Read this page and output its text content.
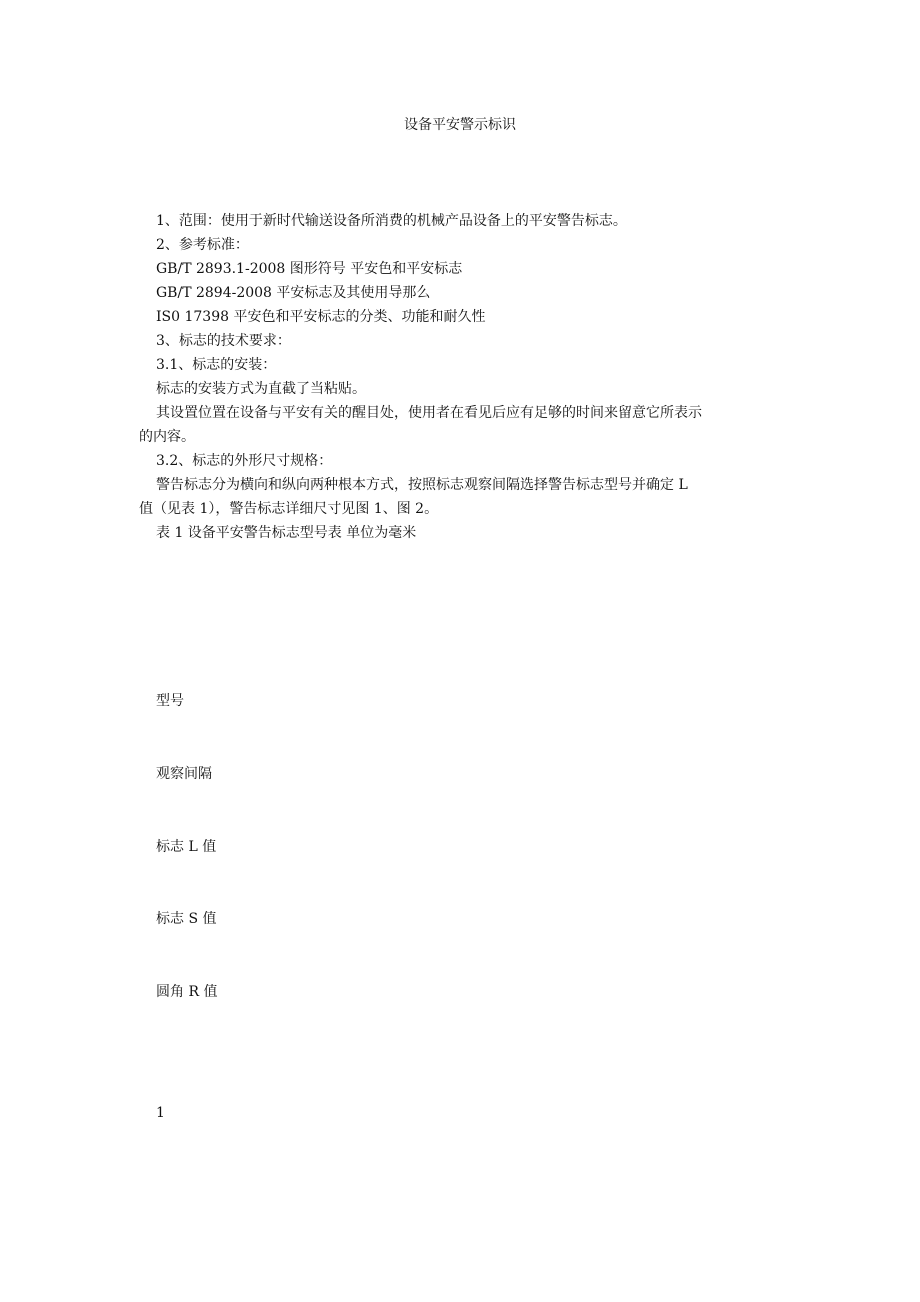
设备平安警示标识
1、范围：使用于新时代输送设备所消费的机械产品设备上的平安警告标志。
2、参考标准：
GB/T 2893.1-2008 图形符号 平安色和平安标志
GB/T 2894-2008 平安标志及其使用导那么
IS0 17398 平安色和平安标志的分类、功能和耐久性
3、标志的技术要求：
3.1、标志的安装：
标志的安装方式为直截了当粘贴。
其设置位置在设备与平安有关的醒目处，使用者在看见后应有足够的时间来留意它所表示
的内容。
3.2、标志的外形尺寸规格：
警告标志分为横向和纵向两种根本方式，按照标志观察间隔选择警告标志型号并确定 L
值（见表 1），警告标志详细尺寸见图 1、图 2。
表 1 设备平安警告标志型号表 单位为毫米
型号
观察间隔
标志 L 值
标志 S 值
圆角 R 值
1
